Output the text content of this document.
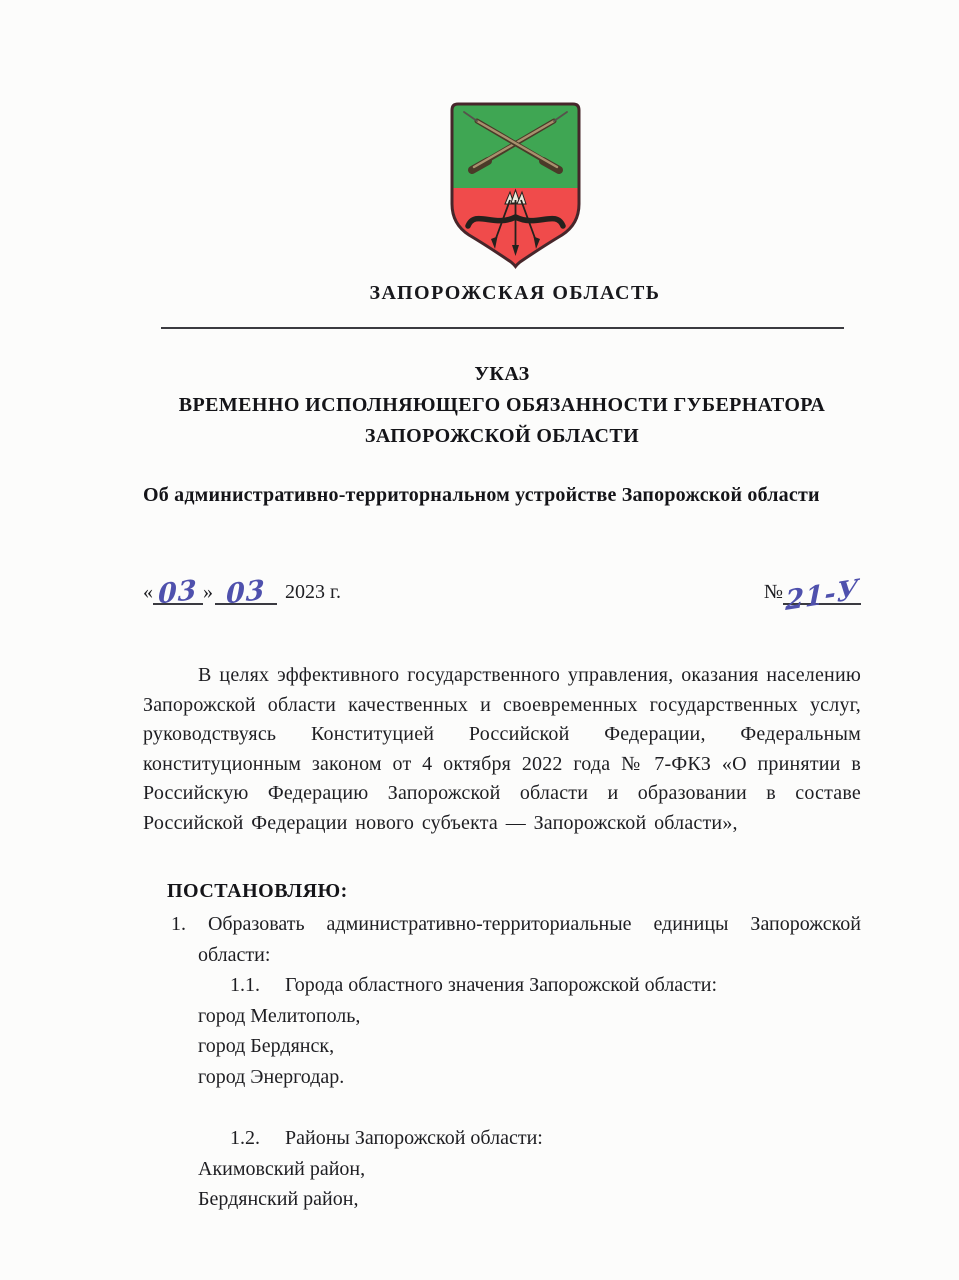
ЗАПОРОЖСКАЯ ОБЛАСТЬ
УКАЗ
ВРЕМЕННО ИСПОЛНЯЮЩЕГО ОБЯЗАННОСТИ ГУБЕРНАТОРА
ЗАПОРОЖСКОЙ ОБЛАСТИ
Об административно-территорнальном устройстве Запорожской области
« 03 » 03 2023 г.	№21-У

В целях эффективного государственного управления, оказания населению Запорожской области качественных и своевременных государственных услуг, руководствуясь Конституцией Российской Федерации, Федеральным конституционным законом от 4 октября 2022 года № 7-ФКЗ «О принятии в Российскую Федерацию Запорожской области и образовании в составе Российской Федерации нового субъекта — Запорожской области»,

ПОСТАНОВЛЯЮ:
1. Образовать административно-территориальные единицы Запорожской области:
1.1. Города областного значения Запорожской области:
город Мелитополь,
город Бердянск,
город Энергодар.
1.2. Районы Запорожской области:
Акимовский район,
Бердянский район,
